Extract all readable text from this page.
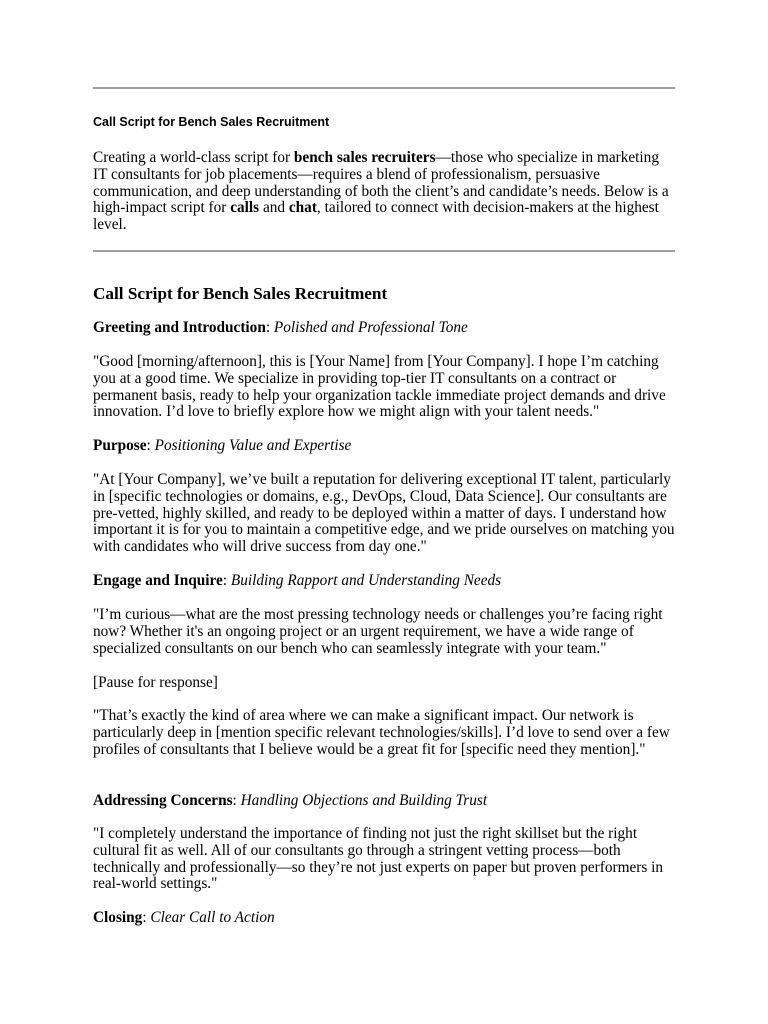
Call Script for Bench Sales Recruitment

Creating a world-class script for bench sales recruiters—those who specialize in marketing IT consultants for job placements—requires a blend of professionalism, persuasive communication, and deep understanding of both the client’s and candidate’s needs. Below is a high-impact script for calls and chat, tailored to connect with decision-makers at the highest level.

Call Script for Bench Sales Recruitment

Greeting and Introduction: Polished and Professional Tone

"Good [morning/afternoon], this is [Your Name] from [Your Company]. I hope I’m catching you at a good time. We specialize in providing top-tier IT consultants on a contract or permanent basis, ready to help your organization tackle immediate project demands and drive innovation. I’d love to briefly explore how we might align with your talent needs."

Purpose: Positioning Value and Expertise

"At [Your Company], we’ve built a reputation for delivering exceptional IT talent, particularly in [specific technologies or domains, e.g., DevOps, Cloud, Data Science]. Our consultants are pre-vetted, highly skilled, and ready to be deployed within a matter of days. I understand how important it is for you to maintain a competitive edge, and we pride ourselves on matching you with candidates who will drive success from day one."

Engage and Inquire: Building Rapport and Understanding Needs

"I’m curious—what are the most pressing technology needs or challenges you’re facing right now? Whether it's an ongoing project or an urgent requirement, we have a wide range of specialized consultants on our bench who can seamlessly integrate with your team."

[Pause for response]

"That’s exactly the kind of area where we can make a significant impact. Our network is particularly deep in [mention specific relevant technologies/skills]. I’d love to send over a few profiles of consultants that I believe would be a great fit for [specific need they mention]."

Addressing Concerns: Handling Objections and Building Trust

"I completely understand the importance of finding not just the right skillset but the right cultural fit as well. All of our consultants go through a stringent vetting process—both technically and professionally—so they’re not just experts on paper but proven performers in real-world settings."

Closing: Clear Call to Action
